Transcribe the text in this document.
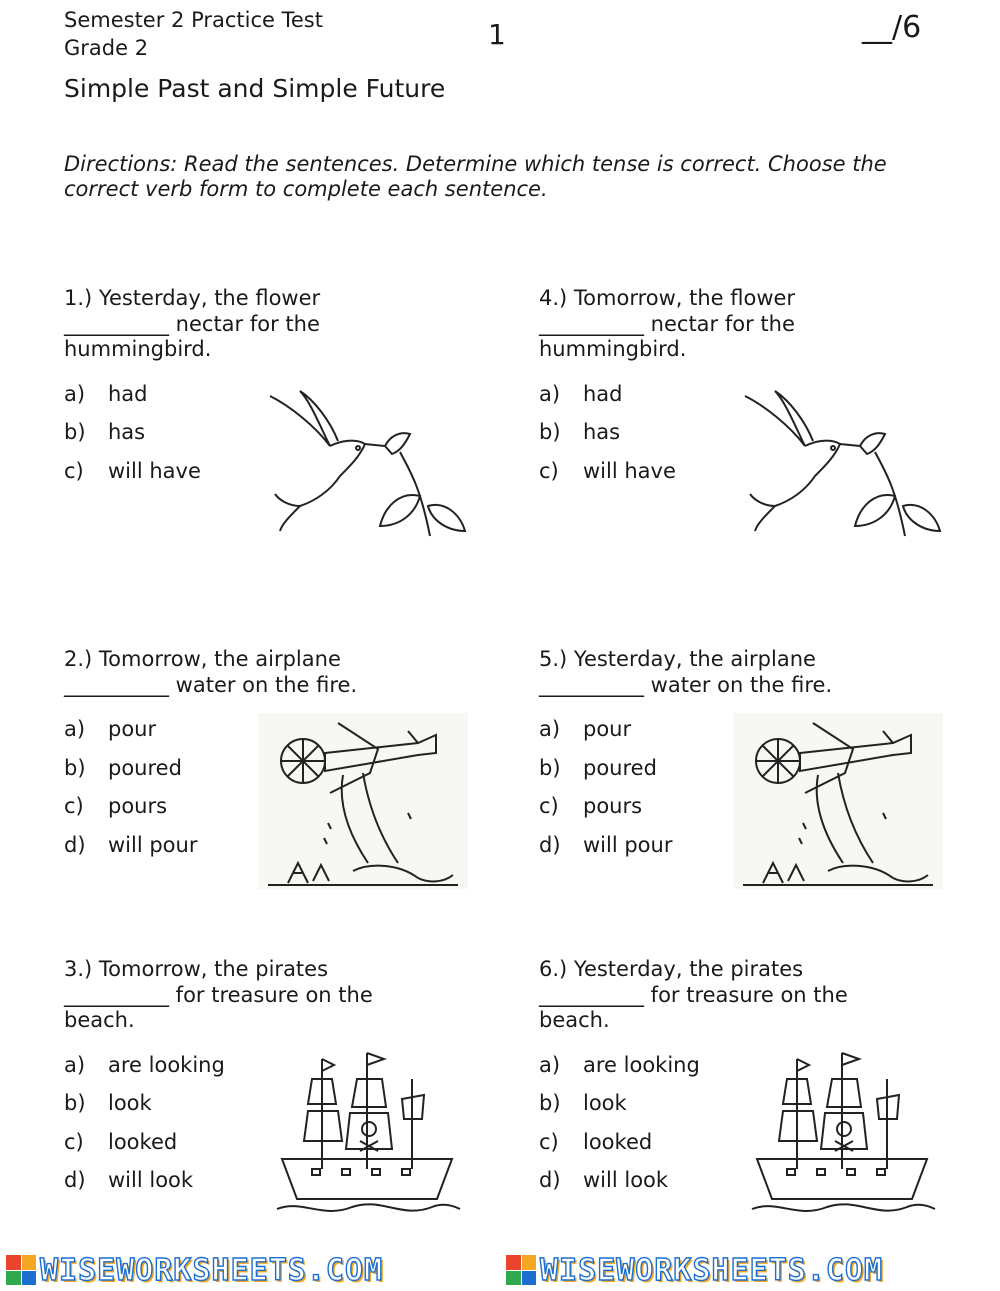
Semester 2 Practice Test
Grade 2	1	__/6
Simple Past and Simple Future
Directions: Read the sentences. Determine which tense is correct. Choose the correct verb form to complete each sentence.

1.) Yesterday, the flower __________ nectar for the hummingbird.

a)	had
b)	has
c)	will have

2.) Tomorrow, the airplane __________ water on the fire.

a)	pour
b)	poured
c)	pours
d)	will pour

3.) Tomorrow, the pirates __________ for treasure on the beach.

a)	are looking
b)	look
c)	looked
d)	will look

4.) Tomorrow, the flower __________ nectar for the hummingbird.

a)	had
b)	has
c)	will have

5.) Yesterday, the airplane __________ water on the fire.

a)	pour
b)	poured
c)	pours
d)	will pour

6.) Yesterday, the pirates __________ for treasure on the beach.

a)	are looking
b)	look
c)	looked
d)	will look
WISEWORKSHEETS.COM	WISEWORKSHEETS.COM
